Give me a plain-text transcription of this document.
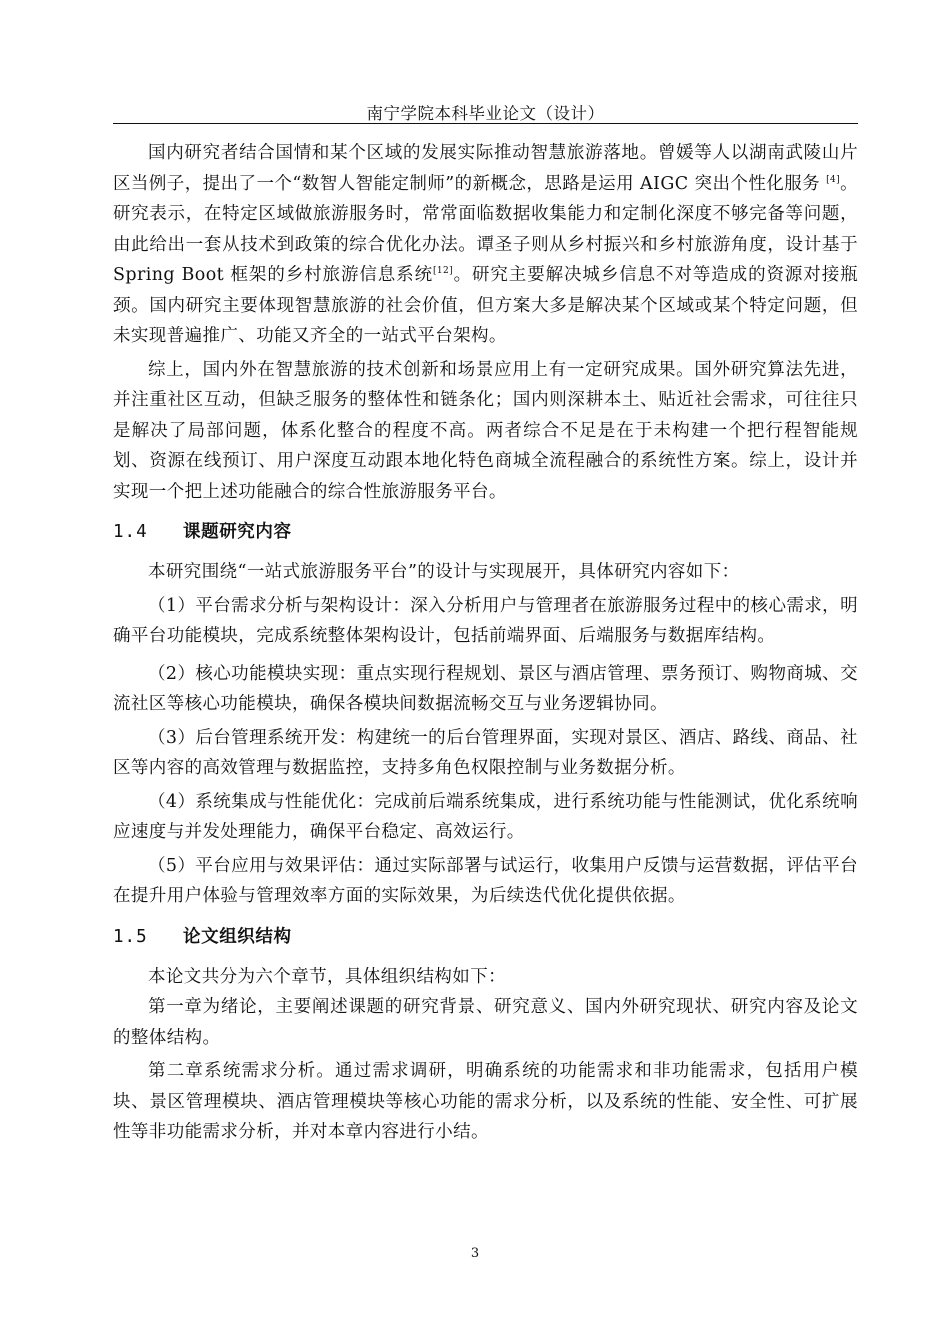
南宁学院本科毕业论文（设计）

国内研究者结合国情和某个区域的发展实际推动智慧旅游落地。曾媛等人以湖南武陵山片区当例子，提出了一个“数智人智能定制师”的新概念，思路是运用 AIGC 突出个性化服务 [4]。研究表示，在特定区域做旅游服务时，常常面临数据收集能力和定制化深度不够完备等问题，由此给出一套从技术到政策的综合优化办法。谭圣子则从乡村振兴和乡村旅游角度，设计基于 Spring Boot 框架的乡村旅游信息系统[12]。研究主要解决城乡信息不对等造成的资源对接瓶颈。国内研究主要体现智慧旅游的社会价值，但方案大多是解决某个区域或某个特定问题，但未实现普遍推广、功能又齐全的一站式平台架构。

综上，国内外在智慧旅游的技术创新和场景应用上有一定研究成果。国外研究算法先进，并注重社区互动，但缺乏服务的整体性和链条化；国内则深耕本土、贴近社会需求，可往往只是解决了局部问题，体系化整合的程度不高。两者综合不足是在于未构建一个把行程智能规划、资源在线预订、用户深度互动跟本地化特色商城全流程融合的系统性方案。综上，设计并实现一个把上述功能融合的综合性旅游服务平台。

1.4	课题研究内容

本研究围绕“一站式旅游服务平台”的设计与实现展开，具体研究内容如下：

（1）平台需求分析与架构设计：深入分析用户与管理者在旅游服务过程中的核心需求，明确平台功能模块，完成系统整体架构设计，包括前端界面、后端服务与数据库结构。

（2）核心功能模块实现：重点实现行程规划、景区与酒店管理、票务预订、购物商城、交流社区等核心功能模块，确保各模块间数据流畅交互与业务逻辑协同。

（3）后台管理系统开发：构建统一的后台管理界面，实现对景区、酒店、路线、商品、社区等内容的高效管理与数据监控，支持多角色权限控制与业务数据分析。

（4）系统集成与性能优化：完成前后端系统集成，进行系统功能与性能测试，优化系统响应速度与并发处理能力，确保平台稳定、高效运行。

（5）平台应用与效果评估：通过实际部署与试运行，收集用户反馈与运营数据，评估平台在提升用户体验与管理效率方面的实际效果，为后续迭代优化提供依据。

1.5	论文组织结构

本论文共分为六个章节，具体组织结构如下：

第一章为绪论，主要阐述课题的研究背景、研究意义、国内外研究现状、研究内容及论文的整体结构。

第二章系统需求分析。通过需求调研，明确系统的功能需求和非功能需求，包括用户模块、景区管理模块、酒店管理模块等核心功能的需求分析，以及系统的性能、安全性、可扩展性等非功能需求分析，并对本章内容进行小结。

3
